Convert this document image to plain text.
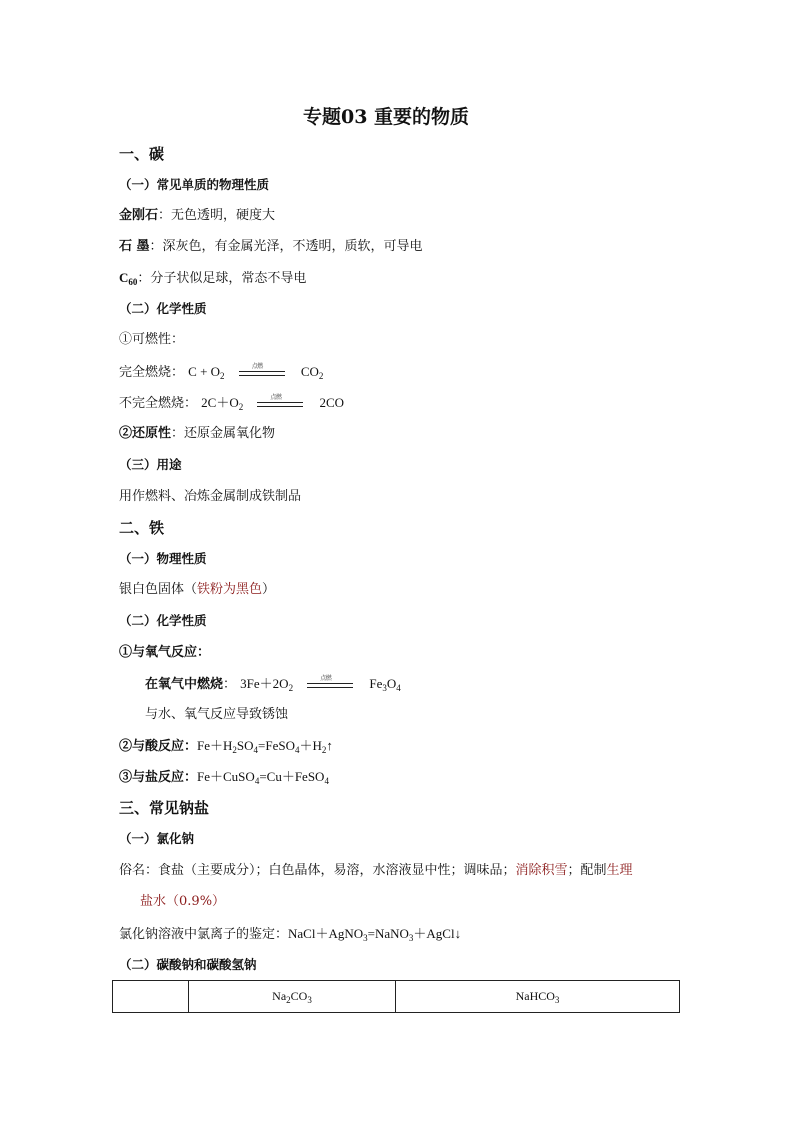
专题03 重要的物质
一、碳
（一）常见单质的物理性质
金刚石：无色透明，硬度大
石 墨：深灰色，有金属光泽，不透明，质软，可导电
$C_{60}$：分子状似足球，常态不导电
（二）化学性质
①可燃性：
完全燃烧： $C + O_2$
点燃	$CO_2$
不完全燃烧： $2C+O_2$
点燃	2CO
②还原性：还原金属氧化物
（三）用途
用作燃料、冶炼金属制成铁制品
二、铁
（一）物理性质
银白色固体（铁粉为黑色）
（二）化学性质
①与氧气反应：
在氧气中燃烧： $3Fe+2O_2$
点燃	$Fe_3O_4$
与水、氧气反应导致锈蚀
②与酸反应：$Fe+H_2SO_4=FeSO_4+H_2↑$
③与盐反应：Fe＋CuSO$_4$=Cu＋FeSO$_4$
三、常见钠盐
（一）氯化钠
俗名：食盐（主要成分）；白色晶体，易溶，水溶液显中性；调味品；消除积雪；配制生理
盐水（0.9%）
氯化钠溶液中氯离子的鉴定：NaCl＋AgNO$_3$=NaNO$_3$＋AgCl↓
（二）碳酸钠和碳酸氢钠
	$Na_2CO_3$	NaHCO$_3$
